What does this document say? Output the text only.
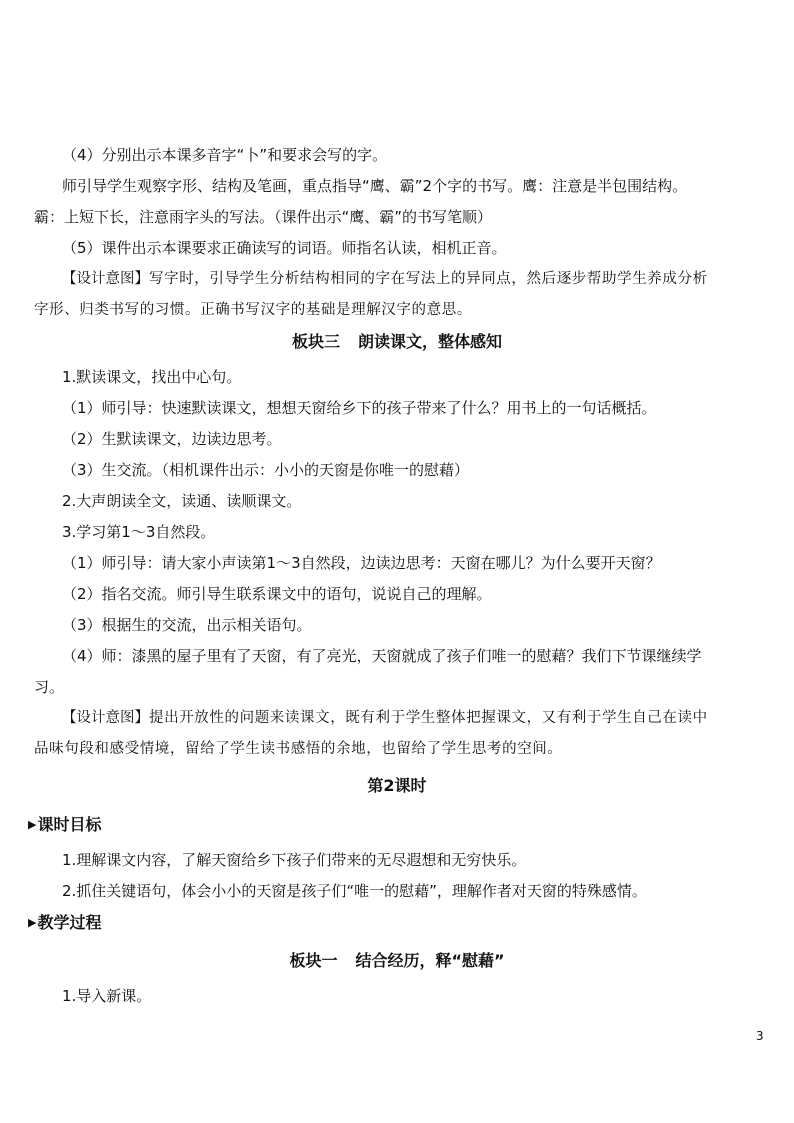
（4）分别出示本课多音字“卜”和要求会写的字。
师引导学生观察字形、结构及笔画，重点指导“鹰、霸”2个字的书写。鹰：注意是半包围结构。
霸：上短下长，注意雨字头的写法。（课件出示“鹰、霸”的书写笔顺）
（5）课件出示本课要求正确读写的词语。师指名认读，相机正音。
【设计意图】写字时，引导学生分析结构相同的字在写法上的异同点，然后逐步帮助学生养成分析
字形、归类书写的习惯。正确书写汉字的基础是理解汉字的意思。
板块三 朗读课文，整体感知
1.默读课文，找出中心句。
（1）师引导：快速默读课文，想想天窗给乡下的孩子带来了什么？用书上的一句话概括。
（2）生默读课文，边读边思考。
（3）生交流。（相机课件出示：小小的天窗是你唯一的慰藉）
2.大声朗读全文，读通、读顺课文。
3.学习第1～3自然段。
（1）师引导：请大家小声读第1～3自然段，边读边思考：天窗在哪儿？为什么要开天窗？
（2）指名交流。师引导生联系课文中的语句，说说自己的理解。
（3）根据生的交流，出示相关语句。
（4）师：漆黑的屋子里有了天窗，有了亮光，天窗就成了孩子们唯一的慰藉？我们下节课继续学
习。
【设计意图】提出开放性的问题来读课文，既有利于学生整体把握课文，又有利于学生自己在读中
品味句段和感受情境，留给了学生读书感悟的余地，也留给了学生思考的空间。
第2课时
▶课时目标
1.理解课文内容，了解天窗给乡下孩子们带来的无尽遐想和无穷快乐。
2.抓住关键语句，体会小小的天窗是孩子们“唯一的慰藉”，理解作者对天窗的特殊感情。
▶教学过程
板块一 结合经历，释“慰藉”
1.导入新课。
3
